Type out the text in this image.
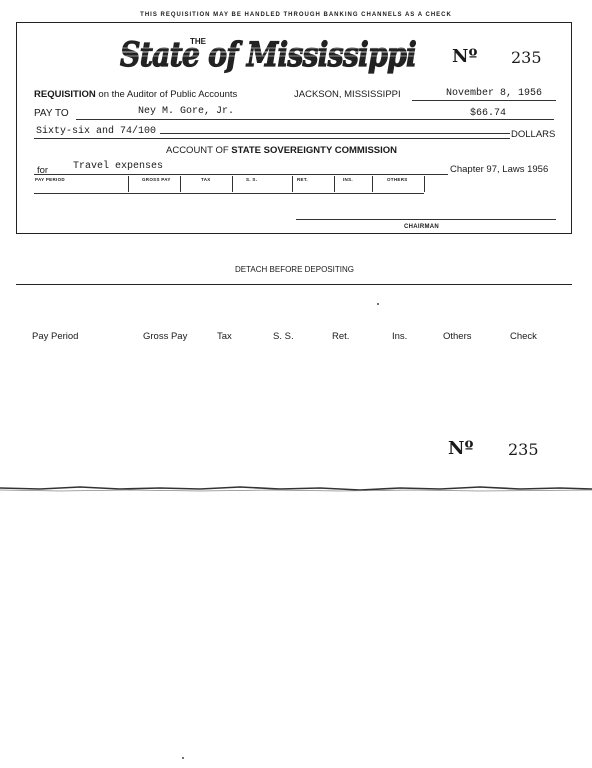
THIS REQUISITION MAY BE HANDLED THROUGH BANKING CHANNELS AS A CHECK
State of Mississippi
THE
Nº 235
REQUISITION on the Auditor of Public Accounts	JACKSON, MISSISSIPPI	November 8, 1956
PAY TO	Ney M. Gore, Jr.	$66.74
Sixty-six and 74/100	DOLLARS
ACCOUNT OF STATE SOVEREIGNTY COMMISSION
for Travel expenses	Chapter 97, Laws 1956
PAY PERIOD	GROSS PAY	TAX	S. S.	RET.	INS.	OTHERS
CHAIRMAN
DETACH BEFORE DEPOSITING
Pay Period	Gross Pay	Tax	S. S.	Ret.	Ins.	Others	Check
Nº 235
